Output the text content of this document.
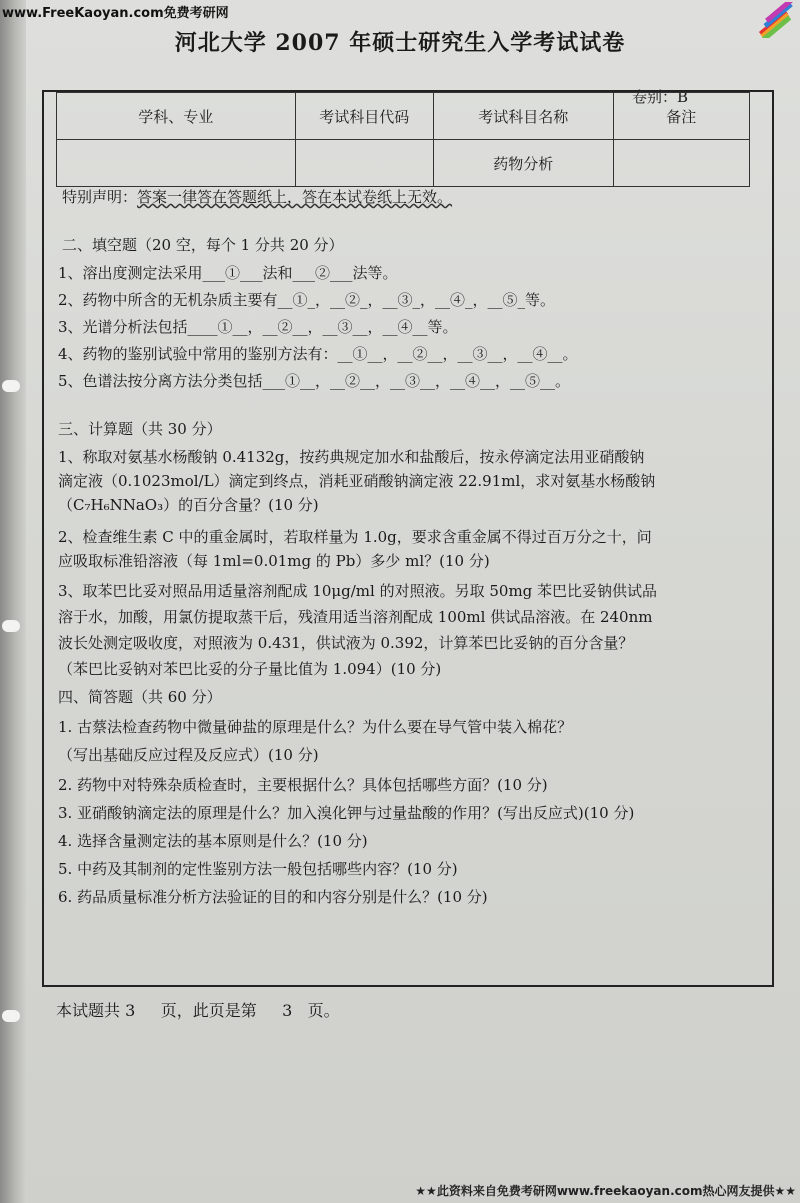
www.FreeKaoyan.com免费考研网
河北大学 2007 年硕士研究生入学考试试卷
卷别：B
学科、专业	考试科目代码	考试科目名称	备注
		药物分析	
特别声明：答案一律答在答题纸上，答在本试卷纸上无效。
二、填空题（20 空，每个 1 分共 20 分）
1、溶出度测定法采用___①___法和___②___法等。
2、药物中所含的无机杂质主要有__①_，__②_，__③_，__④_，__⑤_等。
3、光谱分析法包括____①__，__②__，__③__，__④__等。
4、药物的鉴别试验中常用的鉴别方法有：__①__，__②__，__③__，__④__。
5、色谱法按分离方法分类包括___①__，__②__，__③__，__④__，__⑤__。
三、计算题（共 30 分）
1、称取对氨基水杨酸钠 0.4132g，按药典规定加水和盐酸后，按永停滴定法用亚硝酸钠
滴定液（0.1023mol/L）滴定到终点，消耗亚硝酸钠滴定液 22.91ml，求对氨基水杨酸钠
（C₇H₆NNaO₃）的百分含量？(10 分)
2、检查维生素 C 中的重金属时，若取样量为 1.0g，要求含重金属不得过百万分之十，问
应吸取标准铅溶液（每 1ml=0.01mg 的 Pb）多少 ml？(10 分)
3、取苯巴比妥对照品用适量溶剂配成 10μg/ml 的对照液。另取 50mg 苯巴比妥钠供试品
溶于水，加酸，用氯仿提取蒸干后，残渣用适当溶剂配成 100ml 供试品溶液。在 240nm
波长处测定吸收度，对照液为 0.431，供试液为 0.392，计算苯巴比妥钠的百分含量？
（苯巴比妥钠对苯巴比妥的分子量比值为 1.094）(10 分)
四、简答题（共 60 分）
1. 古蔡法检查药物中微量砷盐的原理是什么？为什么要在导气管中装入棉花？
（写出基础反应过程及反应式）(10 分)
2. 药物中对特殊杂质检查时，主要根据什么？具体包括哪些方面？(10 分)
3. 亚硝酸钠滴定法的原理是什么？加入溴化钾与过量盐酸的作用？(写出反应式)(10 分)
4. 选择含量测定法的基本原则是什么？(10 分)
5. 中药及其制剂的定性鉴别方法一般包括哪些内容？(10 分)
6. 药品质量标准分析方法验证的目的和内容分别是什么？(10 分)
本试题共 3     页，此页是第     3   页。
★★此资料来自免费考研网www.freekaoyan.com热心网友提供★★
